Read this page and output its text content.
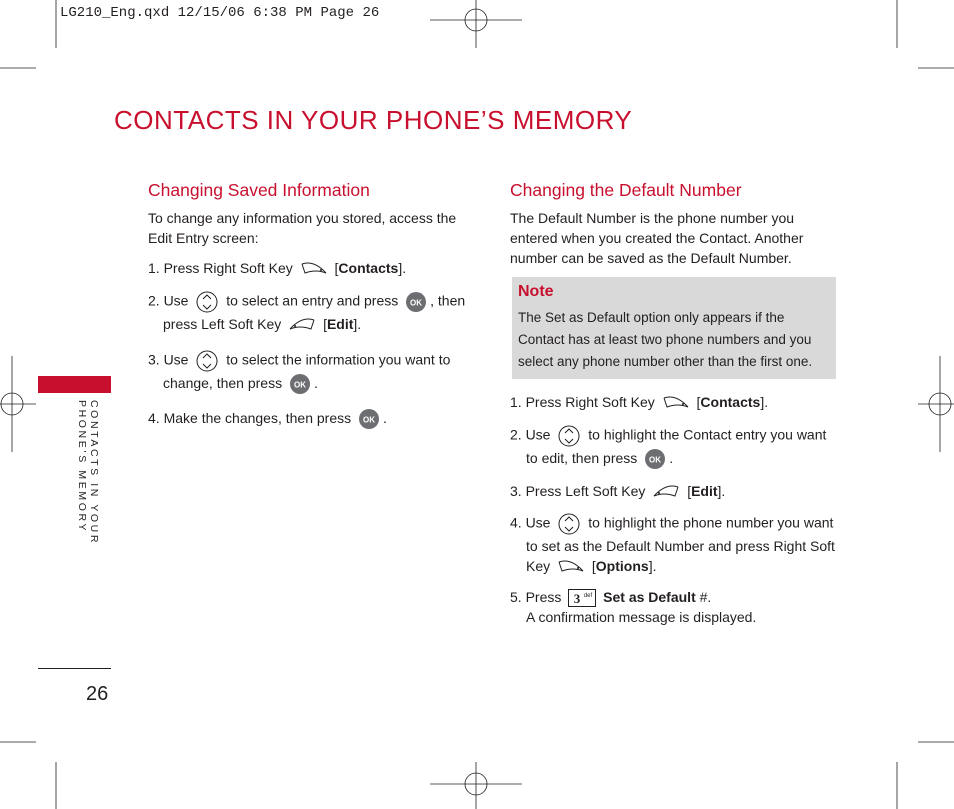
LG210_Eng.qxd 12/15/06 6:38 PM Page 26
CONTACTS IN YOUR PHONE’S MEMORY
CONTACTS IN YOUR
PHONE’S MEMORY
26
Changing Saved Information
To change any information you stored, access the
Edit Entry screen:
1. Press Right Soft Key	[Contacts].
2. Use	to select an entry and press OK , then
press Left Soft Key	[Edit].
3. Use	to select the information you want to
change, then press OK .
4. Make the changes, then press OK .
Changing the Default Number
The Default Number is the phone number you
entered when you created the Contact. Another
number can be saved as the Default Number.
Note
The Set as Default option only appears if the
Contact has at least two phone numbers and you
select any phone number other than the first one.
1. Press Right Soft Key	[Contacts].
2. Use	to highlight the Contact entry you want
to edit, then press OK .
3. Press Left Soft Key	[Edit].
4. Use	to highlight the phone number you want
to set as the Default Number and press Right Soft
Key	[Options].
5. Press 3 def Set as Default #.
A confirmation message is displayed.
